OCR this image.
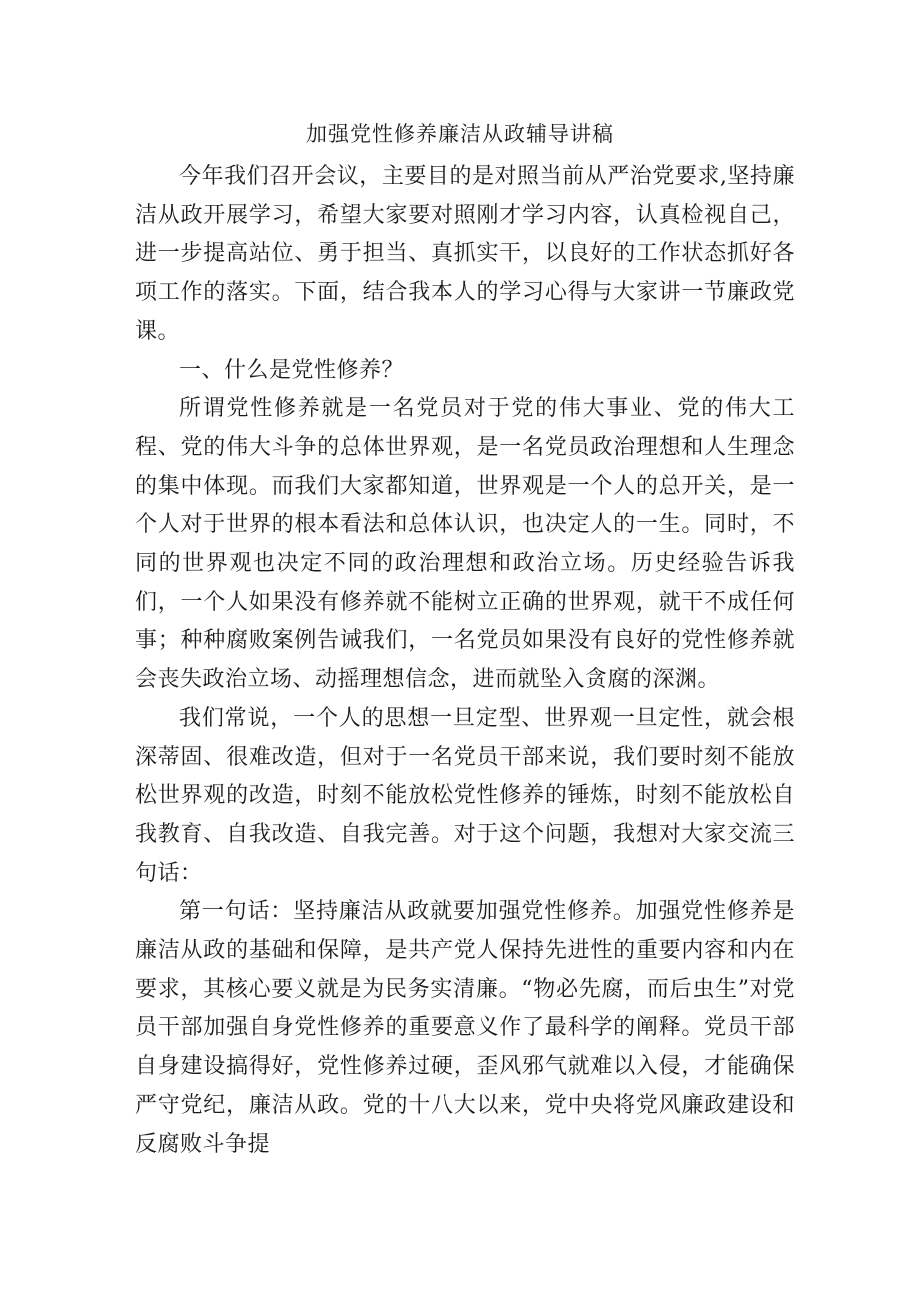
加强党性修养廉洁从政辅导讲稿

今年我们召开会议，主要目的是对照当前从严治党要求,坚持廉洁从政开展学习，希望大家要对照刚才学习内容，认真检视自己，进一步提高站位、勇于担当、真抓实干，以良好的工作状态抓好各项工作的落实。下面，结合我本人的学习心得与大家讲一节廉政党课。

一、什么是党性修养？

所谓党性修养就是一名党员对于党的伟大事业、党的伟大工程、党的伟大斗争的总体世界观，是一名党员政治理想和人生理念的集中体现。而我们大家都知道，世界观是一个人的总开关，是一个人对于世界的根本看法和总体认识，也决定人的一生。同时，不同的世界观也决定不同的政治理想和政治立场。历史经验告诉我们，一个人如果没有修养就不能树立正确的世界观，就干不成任何事；种种腐败案例告诫我们，一名党员如果没有良好的党性修养就会丧失政治立场、动摇理想信念，进而就坠入贪腐的深渊。

我们常说，一个人的思想一旦定型、世界观一旦定性，就会根深蒂固、很难改造，但对于一名党员干部来说，我们要时刻不能放松世界观的改造，时刻不能放松党性修养的锤炼，时刻不能放松自我教育、自我改造、自我完善。对于这个问题，我想对大家交流三句话：

第一句话：坚持廉洁从政就要加强党性修养。加强党性修养是廉洁从政的基础和保障，是共产党人保持先进性的重要内容和内在要求，其核心要义就是为民务实清廉。“物必先腐，而后虫生”对党员干部加强自身党性修养的重要意义作了最科学的阐释。党员干部自身建设搞得好，党性修养过硬，歪风邪气就难以入侵，才能确保严守党纪，廉洁从政。党的十八大以来，党中央将党风廉政建设和反腐败斗争提
